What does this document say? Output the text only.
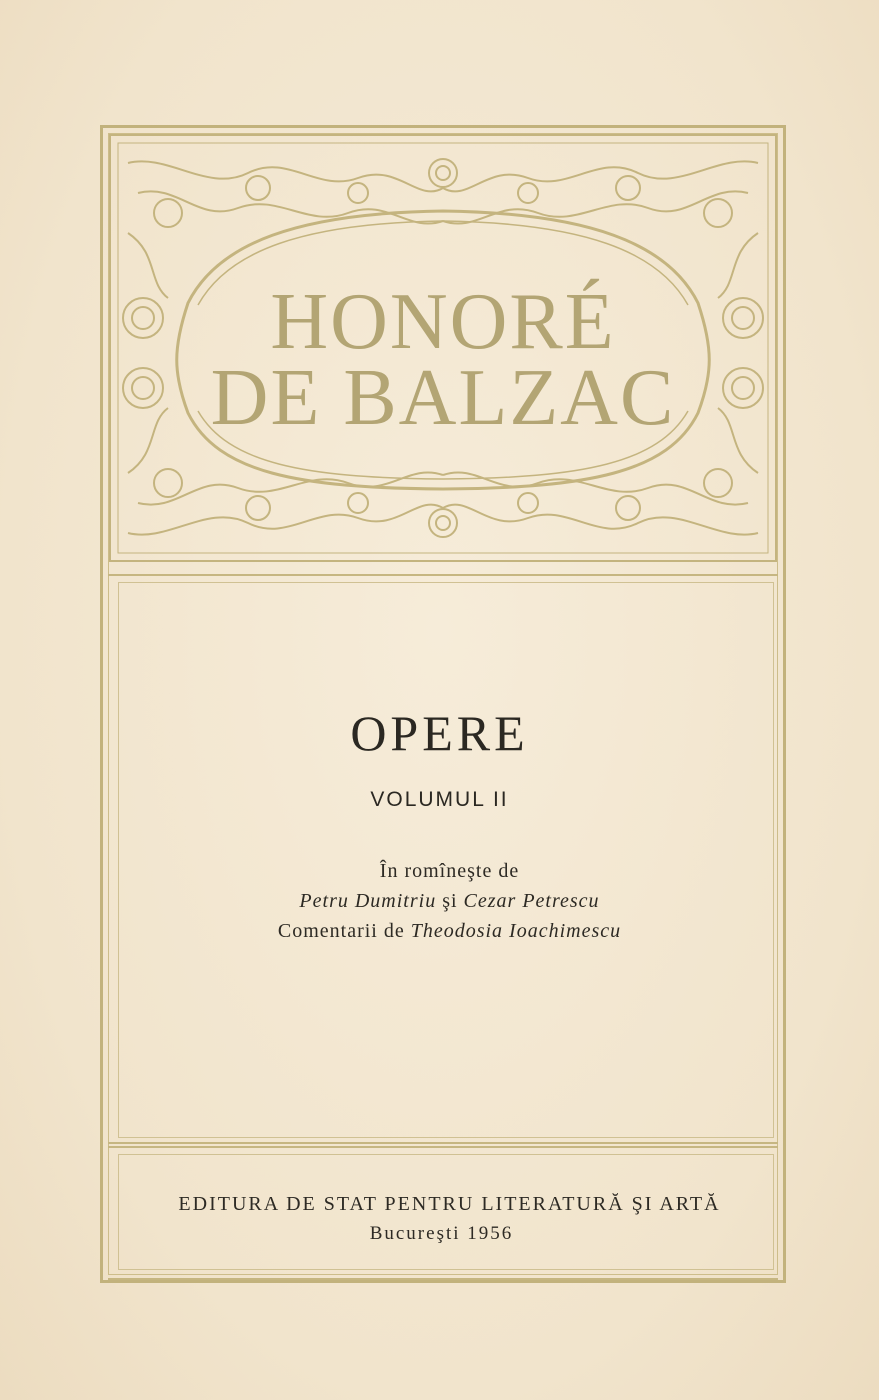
HONORÉ
DE BALZAC
OPERE
VOLUMUL II
În romîneşte de
Petru Dumitriu şi Cezar Petrescu
Comentarii de Theodosia Ioachimescu
EDITURA DE STAT PENTRU LITERATURĂ ŞI ARTĂ
Bucureşti 1956
